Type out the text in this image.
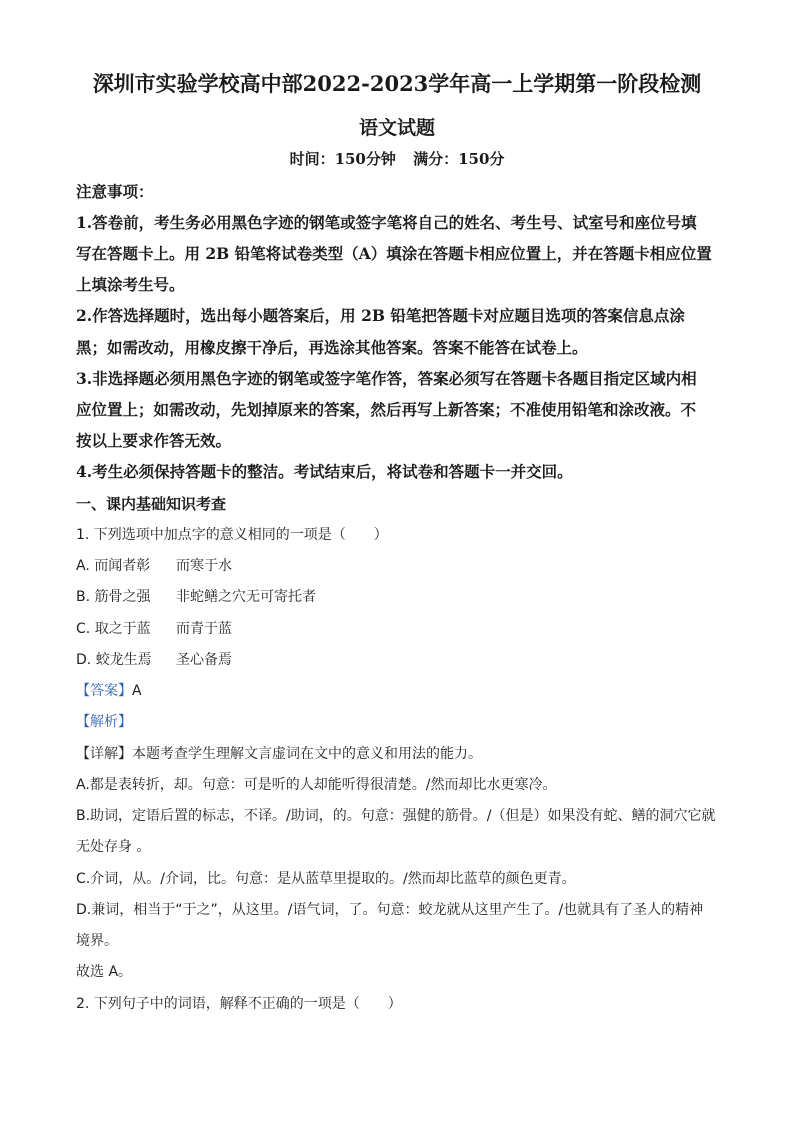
深圳市实验学校高中部2022-2023学年高一上学期第一阶段检测
语文试题
时间：150分钟 满分：150分
注意事项：
1.答卷前，考生务必用黑色字迹的钢笔或签字笔将自己的姓名、考生号、试室号和座位号填
写在答题卡上。用 2B 铅笔将试卷类型（A）填涂在答题卡相应位置上，并在答题卡相应位置
上填涂考生号。
2.作答选择题时，选出每小题答案后，用 2B 铅笔把答题卡对应题目选项的答案信息点涂
黑；如需改动，用橡皮擦干净后，再选涂其他答案。答案不能答在试卷上。
3.非选择题必须用黑色字迹的钢笔或签字笔作答，答案必须写在答题卡各题目指定区域内相
应位置上；如需改动，先划掉原来的答案，然后再写上新答案；不准使用铅笔和涂改液。不
按以上要求作答无效。
4.考生必须保持答题卡的整洁。考试结束后，将试卷和答题卡一并交回。
一、课内基础知识考查
1. 下列选项中加点字的意义相同的一项是（　　）
A. 而闻者彰 而寒于水
B. 筋骨之强 非蛇鳝之穴无可寄托者
C. 取之于蓝 而青于蓝
D. 蛟龙生焉 圣心备焉
【答案】A
【解析】
【详解】本题考查学生理解文言虚词在文中的意义和用法的能力。
A.都是表转折，却。句意：可是听的人却能听得很清楚。/然而却比水更寒冷。
B.助词，定语后置的标志，不译。/助词，的。句意：强健的筋骨。/（但是）如果没有蛇、鳝的洞穴它就
无处存身 。
C.介词，从。/介词，比。句意：是从蓝草里提取的。/然而却比蓝草的颜色更青。
D.兼词，相当于“于之”，从这里。/语气词，了。句意：蛟龙就从这里产生了。/也就具有了圣人的精神
境界。
故选 A。
2. 下列句子中的词语，解释不正确的一项是（　　）
